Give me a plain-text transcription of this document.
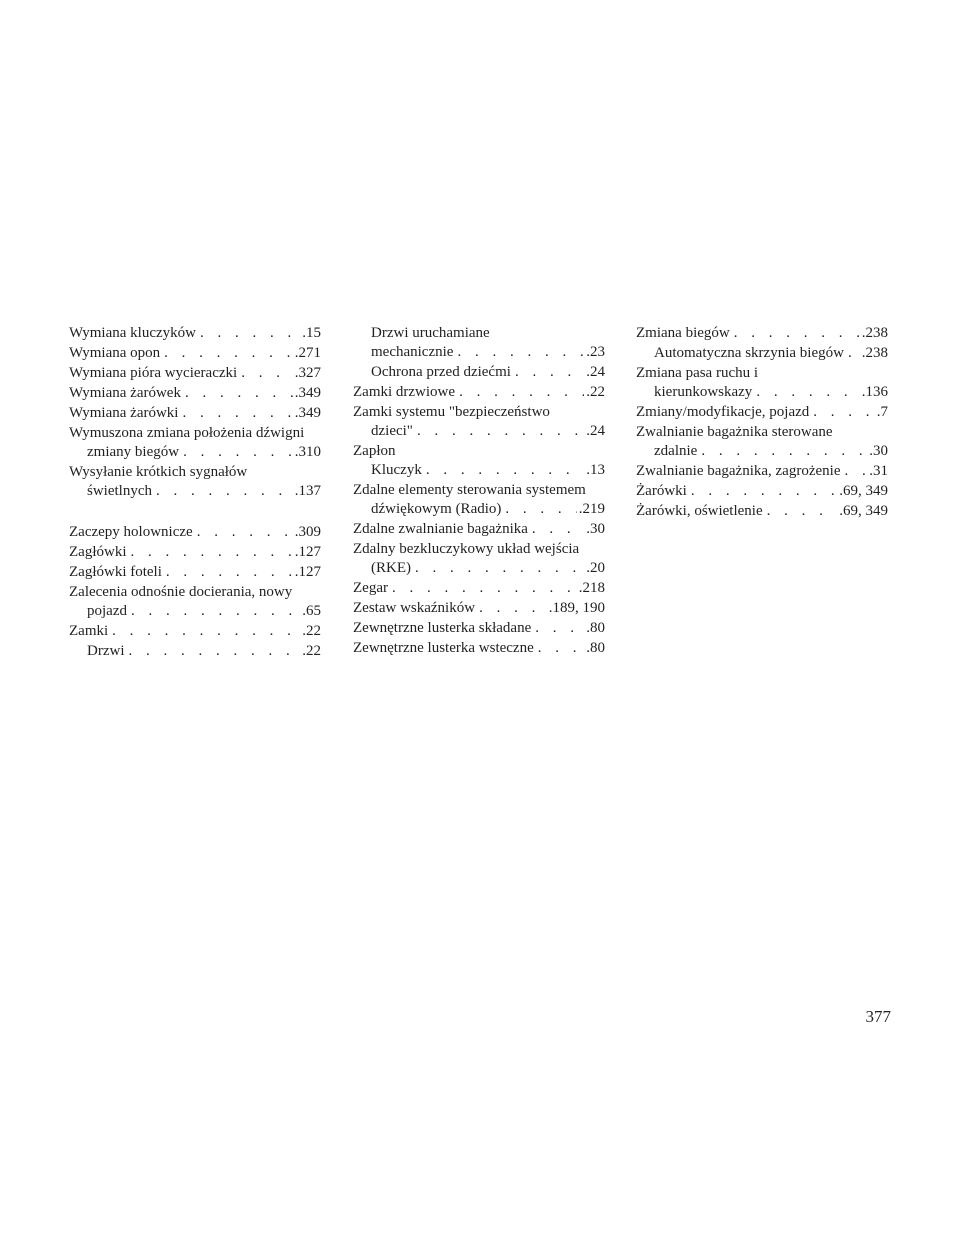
Wymiana kluczyków . . .	.15
Wymiana opon . . .	.271
Wymiana pióra wycieraczki . . .	.327
Wymiana żarówek . . .	.349
Wymiana żarówki . . .	.349
Wymuszona zmiana położenia dźwigni
zmiany biegów . . .	.310
Wysyłanie krótkich sygnałów
świetlnych . . .	.137
Zaczepy holownicze . . .	.309
Zagłówki . . .	.127
Zagłówki foteli . . .	.127
Zalecenia odnośnie docierania, nowy
pojazd . . .	.65
Zamki . . .	.22
Drzwi . . .	.22
Drzwi uruchamiane
mechanicznie . . .	.23
Ochrona przed dziećmi . . .	.24
Zamki drzwiowe . . .	.22
Zamki systemu "bezpieczeństwo
dzieci" . . .	.24
Zapłon
Kluczyk . . .	.13
Zdalne elementy sterowania systemem
dźwiękowym (Radio) . . .	.219
Zdalne zwalnianie bagażnika . . .	.30
Zdalny bezkluczykowy układ wejścia
(RKE) . . .	.20
Zegar . . .	.218
Zestaw wskaźników . . .	.189, 190
Zewnętrzne lusterka składane . . .	.80
Zewnętrzne lusterka wsteczne . . .	.80
Zmiana biegów . . .	.238
Automatyczna skrzynia biegów . . . .238
Zmiana pasa ruchu i
kierunkowskazy . . .	.136
Zmiany/modyfikacje, pojazd . . .	.7
Zwalnianie bagażnika sterowane
zdalnie . . .	.30
Zwalnianie bagażnika, zagrożenie . . . .31
Żarówki . . .	.69, 349
Żarówki, oświetlenie . . .	.69, 349
377
